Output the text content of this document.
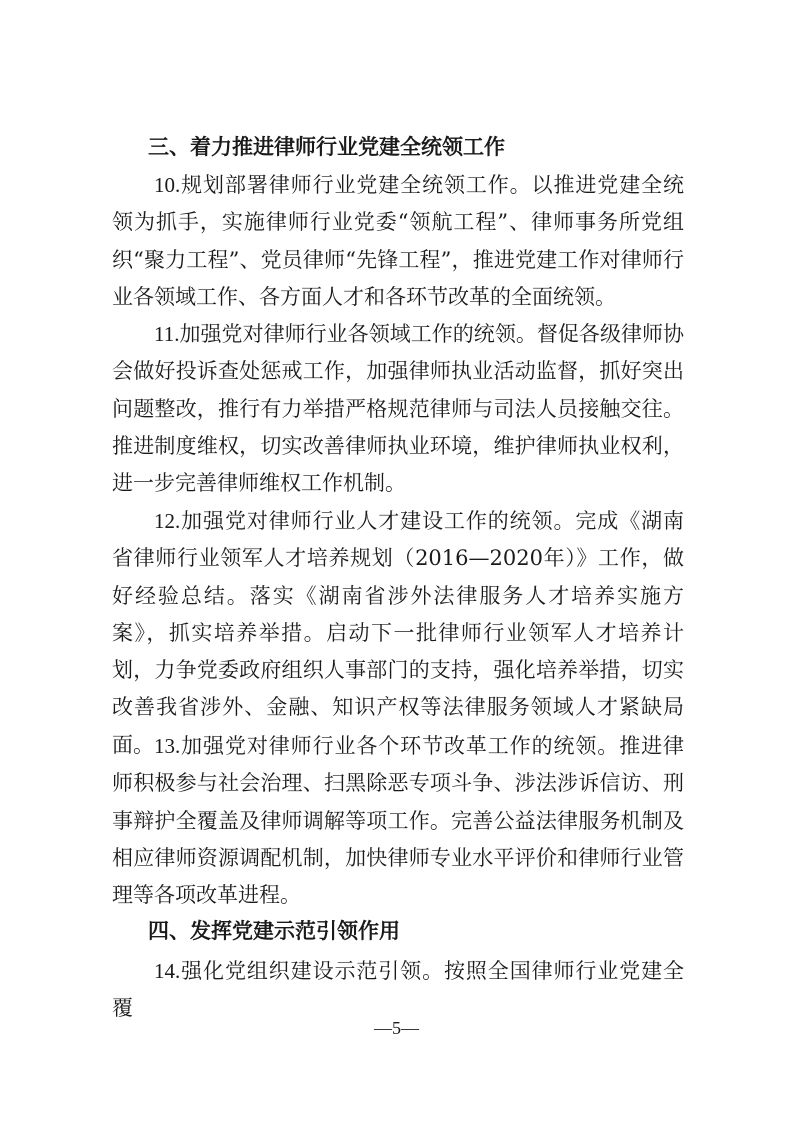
三、着力推进律师行业党建全统领工作

10.规划部署律师行业党建全统领工作。以推进党建全统领为抓手，实施律师行业党委“领航工程”、律师事务所党组织“聚力工程”、党员律师“先锋工程”，推进党建工作对律师行业各领域工作、各方面人才和各环节改革的全面统领。

11.加强党对律师行业各领域工作的统领。督促各级律师协会做好投诉查处惩戒工作，加强律师执业活动监督，抓好突出问题整改，推行有力举措严格规范律师与司法人员接触交往。推进制度维权，切实改善律师执业环境，维护律师执业权利，进一步完善律师维权工作机制。

12.加强党对律师行业人才建设工作的统领。完成《湖南省律师行业领军人才培养规划（2016—2020年）》工作，做好经验总结。落实《湖南省涉外法律服务人才培养实施方案》，抓实培养举措。启动下一批律师行业领军人才培养计划，力争党委政府组织人事部门的支持，强化培养举措，切实改善我省涉外、金融、知识产权等法律服务领域人才紧缺局面。 13.加强党对律师行业各个环节改革工作的统领。推进律师积极参与社会治理、扫黑除恶专项斗争、涉法涉诉信访、刑事辩护全覆盖及律师调解等项工作。完善公益法律服务机制及相应律师资源调配机制，加快律师专业水平评价和律师行业管理等各项改革进程。

四、发挥党建示范引领作用

14.强化党组织建设示范引领。按照全国律师行业党建全覆

—5—
